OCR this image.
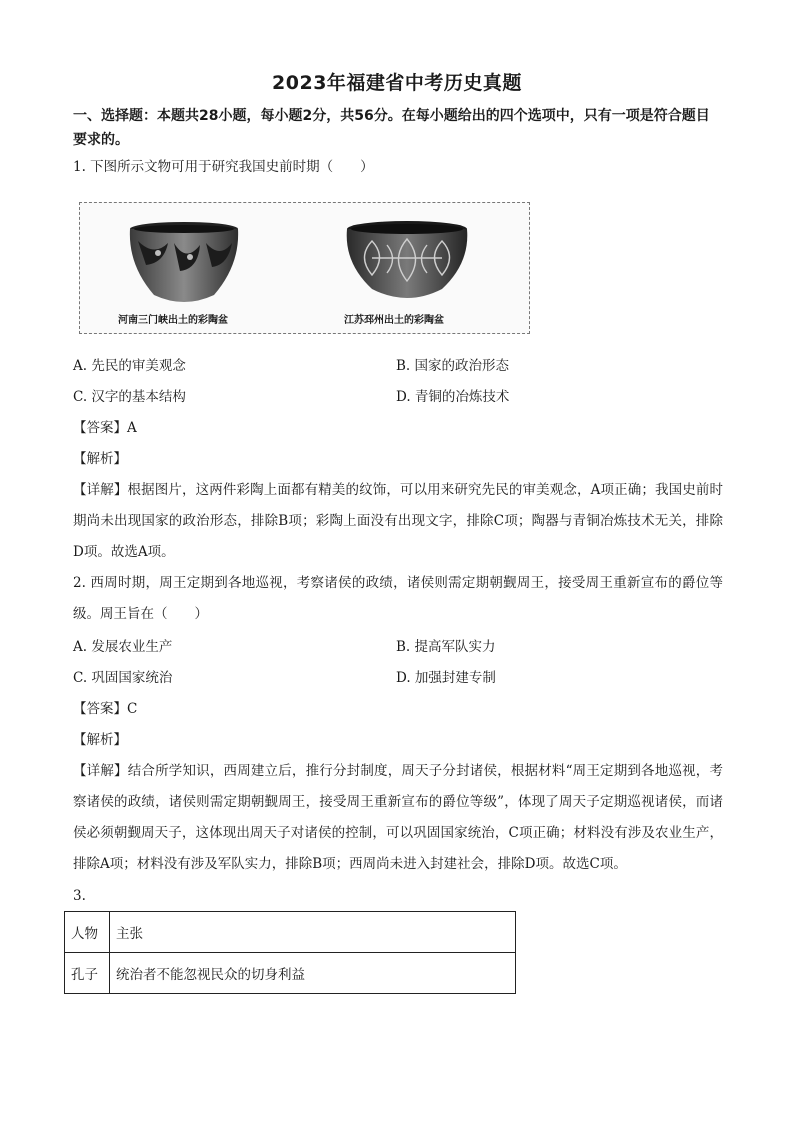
2023年福建省中考历史真题
一、选择题：本题共28小题，每小题2分，共56分。在每小题给出的四个选项中，只有一项是符合题目要求的。
1. 下图所示文物可用于研究我国史前时期（　　）
河南三门峡出土的彩陶盆	江苏邳州出土的彩陶盆
A. 先民的审美观念	B. 国家的政治形态
C. 汉字的基本结构	D. 青铜的冶炼技术
【答案】A
【解析】
【详解】根据图片，这两件彩陶上面都有精美的纹饰，可以用来研究先民的审美观念，A项正确；我国史前时期尚未出现国家的政治形态，排除B项；彩陶上面没有出现文字，排除C项；陶器与青铜冶炼技术无关，排除D项。故选A项。
2. 西周时期，周王定期到各地巡视，考察诸侯的政绩，诸侯则需定期朝觐周王，接受周王重新宣布的爵位等级。周王旨在（　　）
A. 发展农业生产	B. 提高军队实力
C. 巩固国家统治	D. 加强封建专制
【答案】C
【解析】
【详解】结合所学知识，西周建立后，推行分封制度，周天子分封诸侯，根据材料“周王定期到各地巡视，考察诸侯的政绩，诸侯则需定期朝觐周王，接受周王重新宣布的爵位等级”，体现了周天子定期巡视诸侯，而诸侯必须朝觐周天子，这体现出周天子对诸侯的控制，可以巩固国家统治，C项正确；材料没有涉及农业生产，排除A项；材料没有涉及军队实力，排除B项；西周尚未进入封建社会，排除D项。故选C项。
3.
人物	主张
孔子	统治者不能忽视民众的切身利益
